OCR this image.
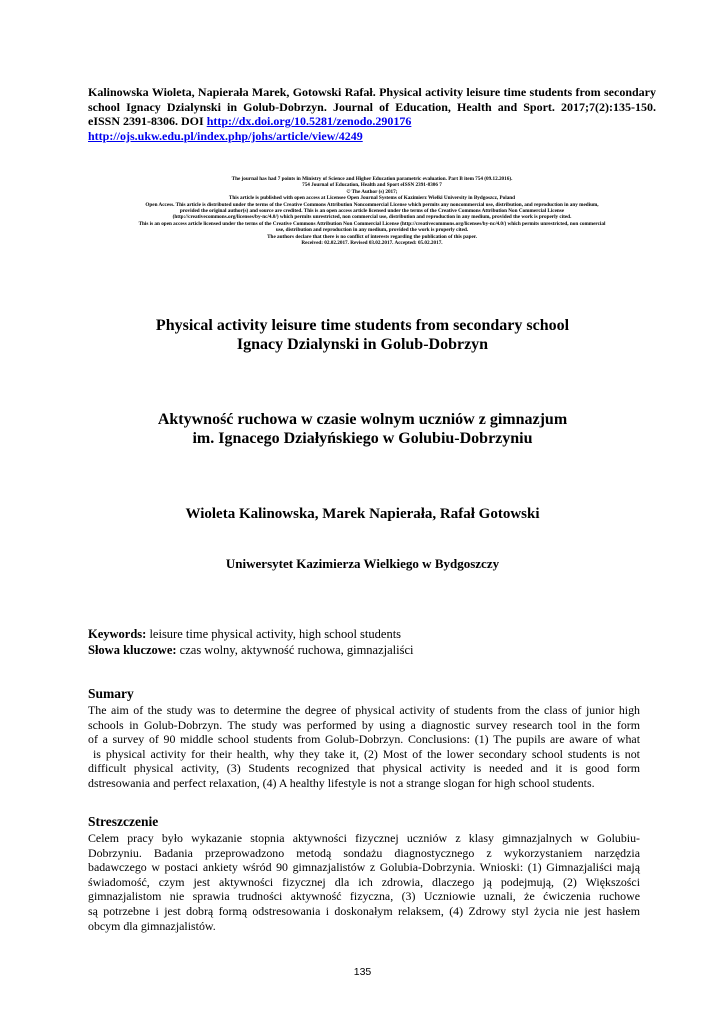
Kalinowska Wioleta, Napierała Marek, Gotowski Rafał. Physical activity leisure time students from secondary school Ignacy Dzialynski in Golub-Dobrzyn. Journal of Education, Health and Sport. 2017;7(2):135-150. eISSN 2391-8306. DOI http://dx.doi.org/10.5281/zenodo.290176
http://ojs.ukw.edu.pl/index.php/johs/article/view/4249
The journal has had 7 points in Ministry of Science and Higher Education parametric evaluation. Part B item 754 (09.12.2016).
754 Journal of Education, Health and Sport eISSN 2391-8306 7
© The Author (s) 2017;
This article is published with open access at Licensee Open Journal Systems of Kazimierz Wielki University in Bydgoszcz, Poland
Open Access. This article is distributed under the terms of the Creative Commons Attribution Noncommercial License which permits any noncommercial use, distribution, and reproduction in any medium,
provided the original author(s) and source are credited. This is an open access article licensed under the terms of the Creative Commons Attribution Non Commercial License
(http://creativecommons.org/licenses/by-nc/4.0/) which permits unrestricted, non commercial use, distribution and reproduction in any medium, provided the work is properly cited.
This is an open access article licensed under the terms of the Creative Commons Attribution Non Commercial License (http://creativecommons.org/licenses/by-nc/4.0/) which permits unrestricted, non commercial
use, distribution and reproduction in any medium, provided the work is properly cited.
The authors declare that there is no conflict of interests regarding the publication of this paper.
Received: 02.02.2017. Revised 03.02.2017. Accepted: 05.02.2017.
Physical activity leisure time students from secondary school
Ignacy Dzialynski in Golub-Dobrzyn
Aktywność ruchowa w czasie wolnym uczniów z gimnazjum
im. Ignacego Działyńskiego w Golubiu-Dobrzyniu
Wioleta Kalinowska, Marek Napierała, Rafał Gotowski
Uniwersytet Kazimierza Wielkiego w Bydgoszczy
Keywords: leisure time physical activity, high school students
Słowa kluczowe: czas wolny, aktywność ruchowa, gimnazjaliści
Sumary
The aim of the study was to determine the degree of physical activity of students from the class of junior high
schools in Golub-Dobrzyn. The study was performed by using a diagnostic survey research tool in the form
of a survey of 90 middle school students from Golub-Dobrzyn. Conclusions: (1) The pupils are aware of what
is physical activity for their health, why they take it, (2) Most of the lower secondary school students is not
difficult physical activity, (3) Students recognized that physical activity is needed and it is good form
dstresowania and perfect relaxation, (4) A healthy lifestyle is not a strange slogan for high school students.
Streszczenie
Celem pracy było wykazanie stopnia aktywności fizycznej uczniów z klasy gimnazjalnych w Golubiu-
Dobrzyniu. Badania przeprowadzono metodą sondażu diagnostycznego z wykorzystaniem narzędzia
badawczego w postaci ankiety wśród 90 gimnazjalistów z Golubia-Dobrzynia. Wnioski: (1) Gimnazjaliści mają
świadomość, czym jest aktywności fizycznej dla ich zdrowia, dlaczego ją podejmują, (2) Większości
gimnazjalistom nie sprawia trudności aktywność fizyczna, (3) Uczniowie uznali, że ćwiczenia ruchowe
są potrzebne i jest dobrą formą odstresowania i doskonałym relaksem, (4) Zdrowy styl życia nie jest hasłem
obcym dla gimnazjalistów.
135
